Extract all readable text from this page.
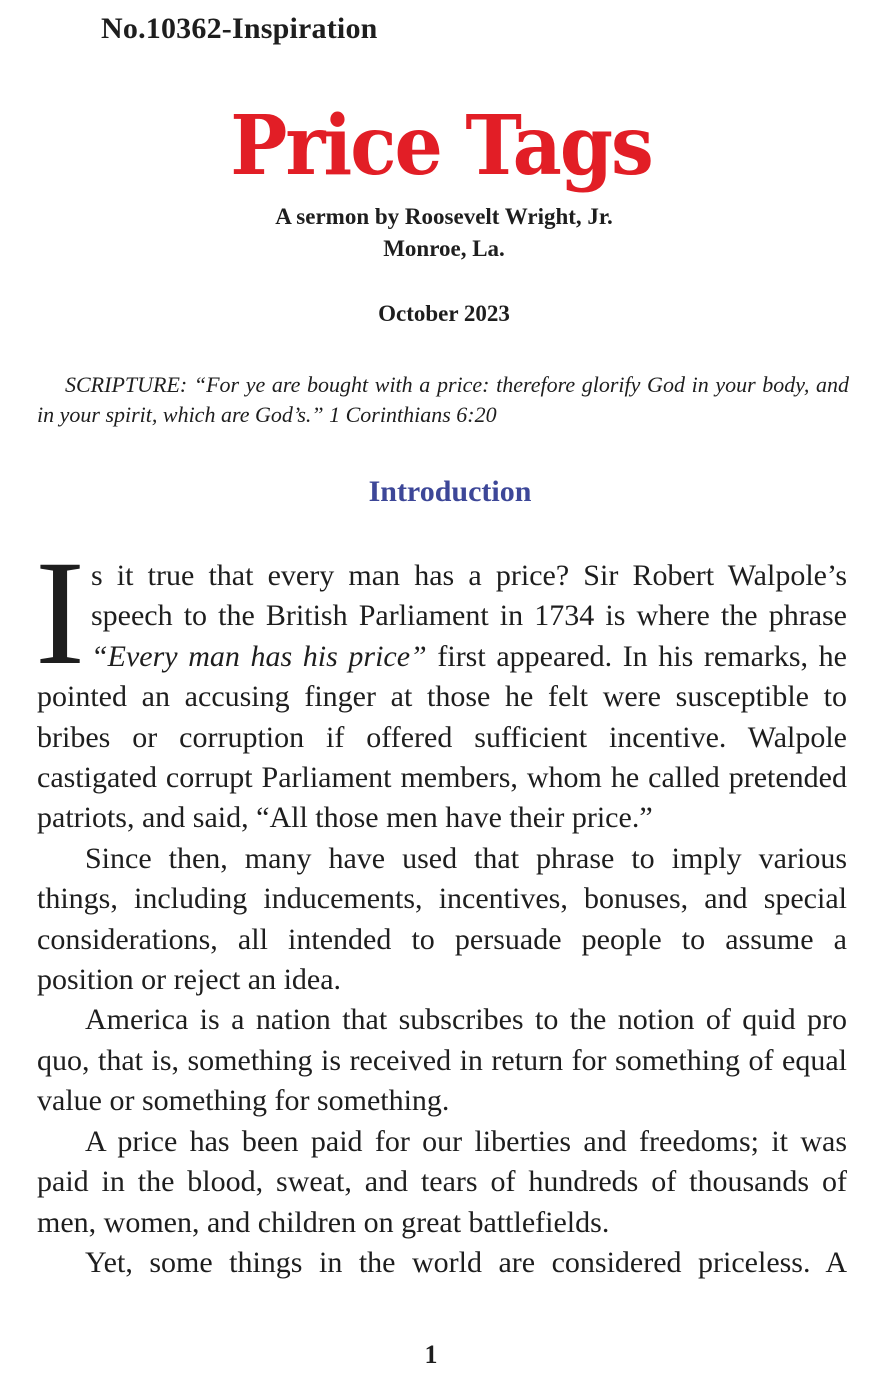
No.10362-Inspiration
Price Tags
A sermon by Roosevelt Wright, Jr.
Monroe, La.
October 2023
SCRIPTURE: “For ye are bought with a price: therefore glorify God in your body, and in your spirit, which are God’s.” 1 Corinthians 6:20
Introduction

Is it true that every man has a price? Sir Robert Walpole’s speech to the British Parliament in 1734 is where the phrase “Every man has his price” first appeared. In his remarks, he pointed an accusing finger at those he felt were susceptible to bribes or corruption if offered sufficient incentive. Walpole castigated corrupt Parliament members, whom he called pretended patriots, and said, “All those men have their price.”

Since then, many have used that phrase to imply various things, including inducements, incentives, bonuses, and special considerations, all intended to persuade people to assume a position or reject an idea.

America is a nation that subscribes to the notion of quid pro quo, that is, something is received in return for something of equal value or something for something.

A price has been paid for our liberties and freedoms; it was paid in the blood, sweat, and tears of hundreds of thousands of men, women, and children on great battlefields.

Yet, some things in the world are considered priceless. A

1
